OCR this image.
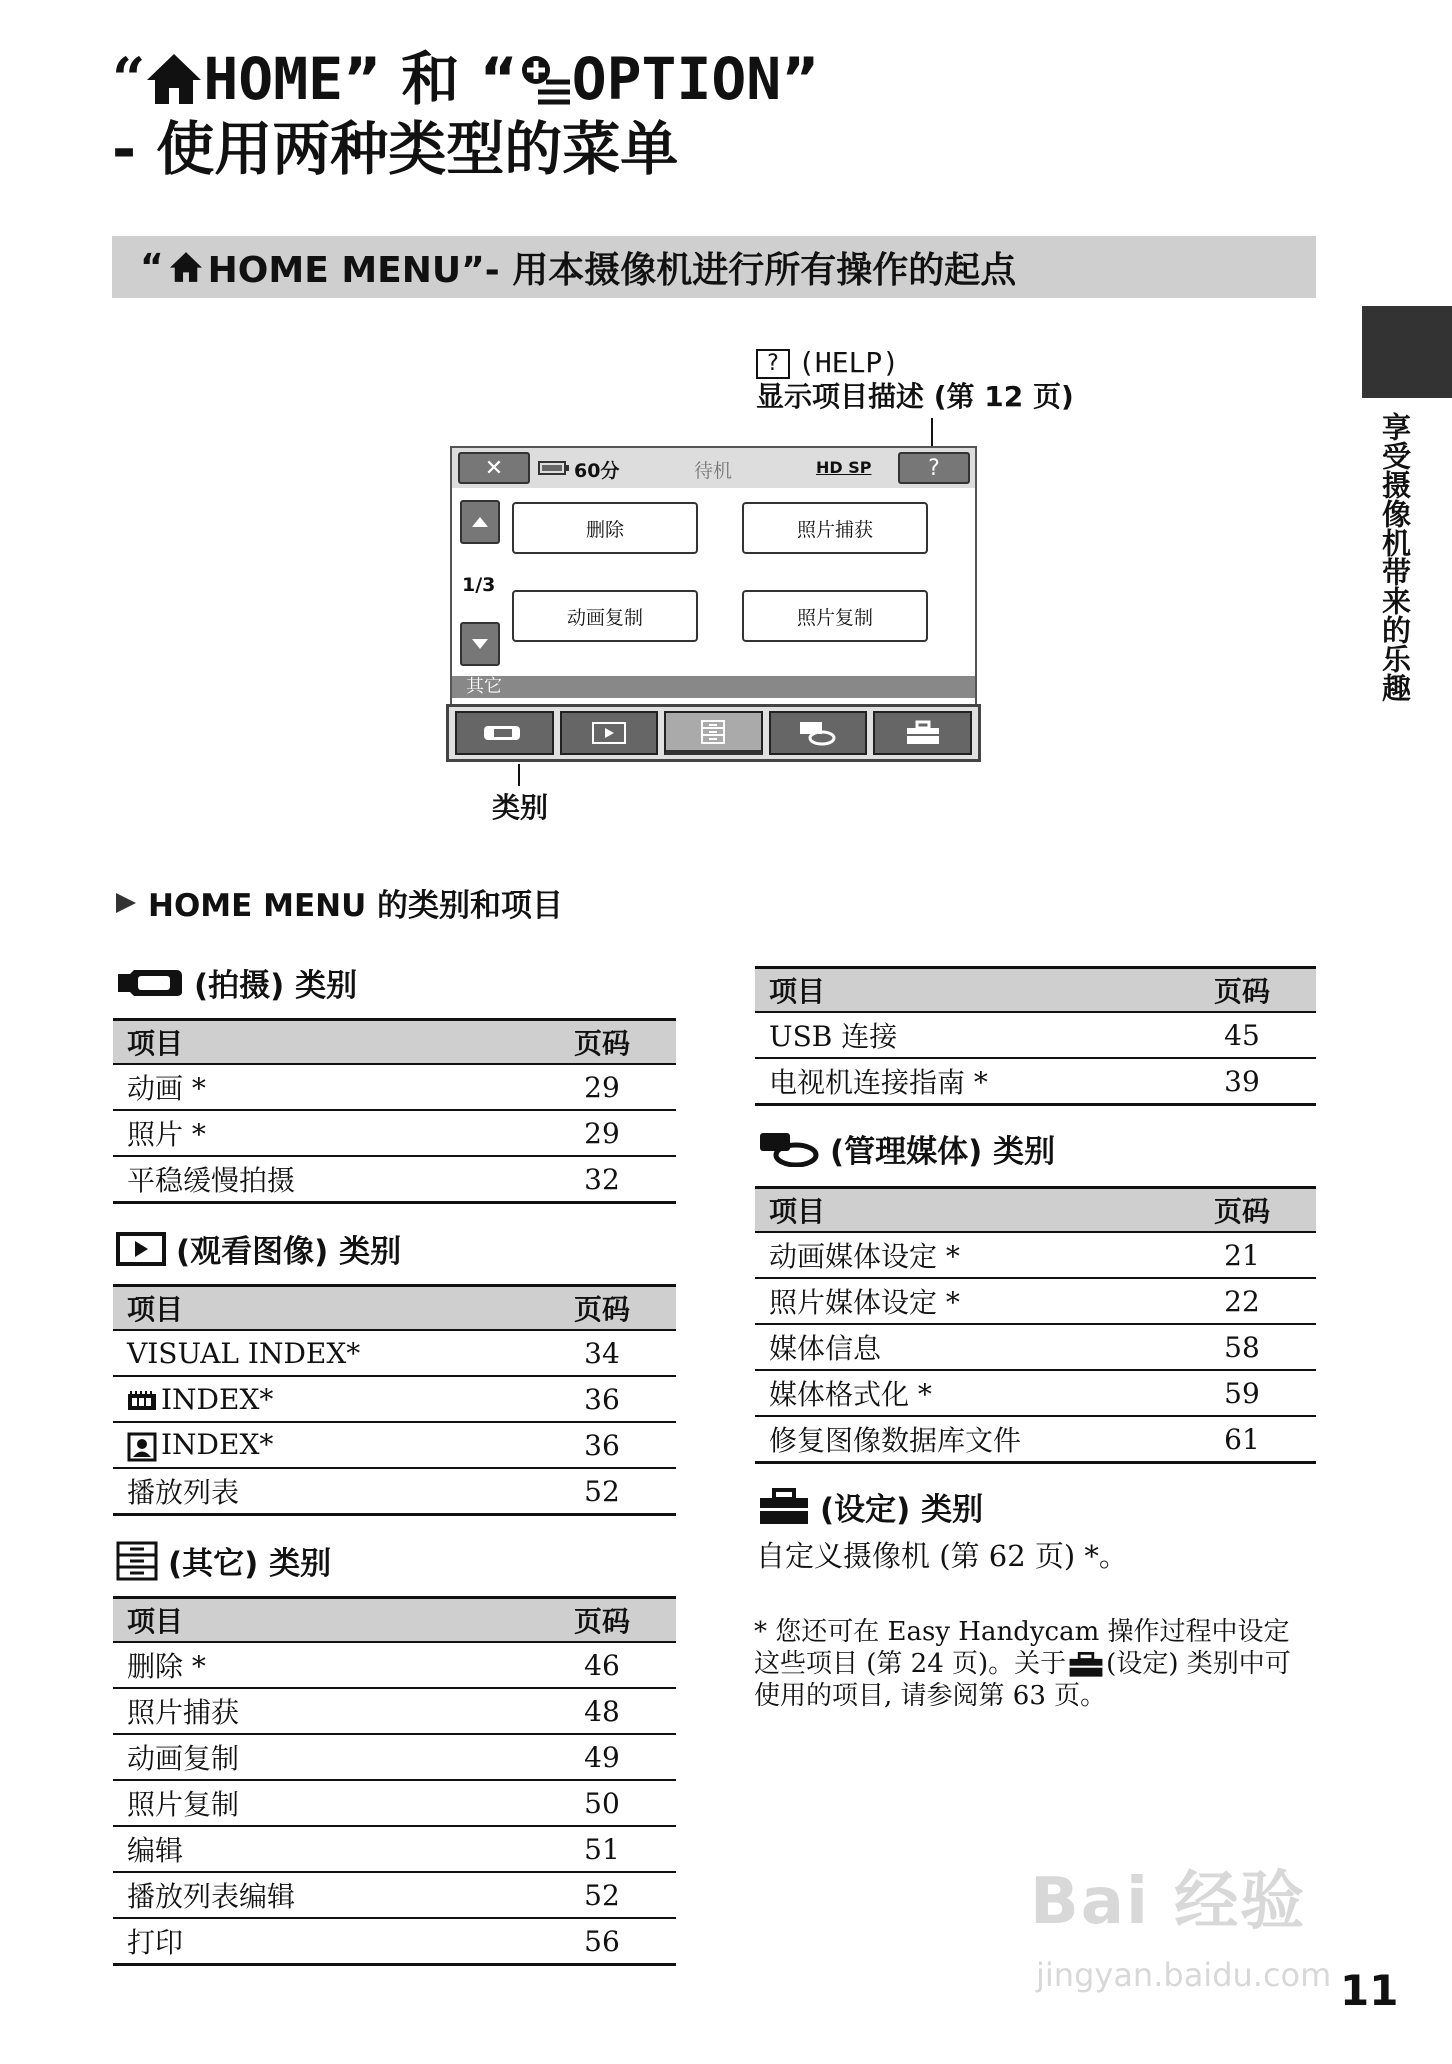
“ HOME ” 和 “ OPTION ”
- 使用两种类型的菜单
“ HOME MENU”- 用本摄像机进行所有操作的起点
享受摄像机带来的乐趣
? (HELP)
显示项目描述 (第 12 页)
✕	60分	待机	HD SP	?
1/3
删除	照片捕获
动画复制	照片复制
其它
类别
HOME MENU 的类别和项目
(拍摄) 类别
项目	页码
动画 *	29
照片 *	29
平稳缓慢拍摄	32
(观看图像) 类别
项目	页码
VISUAL INDEX*	34
INDEX*	36
INDEX*	36
播放列表	52
(其它) 类别
项目	页码
删除 *	46
照片捕获	48
动画复制	49
照片复制	50
编辑	51
播放列表编辑	52
打印	56
项目	页码
USB 连接	45
电视机连接指南 *	39
(管理媒体) 类别
项目	页码
动画媒体设定 *	21
照片媒体设定 *	22
媒体信息	58
媒体格式化 *	59
修复图像数据库文件	61
(设定) 类别
自定义摄像机 (第 62 页) *。
* 您还可在 Easy Handycam 操作过程中设定这些项目 (第 24 页)。关于 (设定) 类别中可使用的项目, 请参阅第 63 页。
Bai 经验
jingyan.baidu.com 11
